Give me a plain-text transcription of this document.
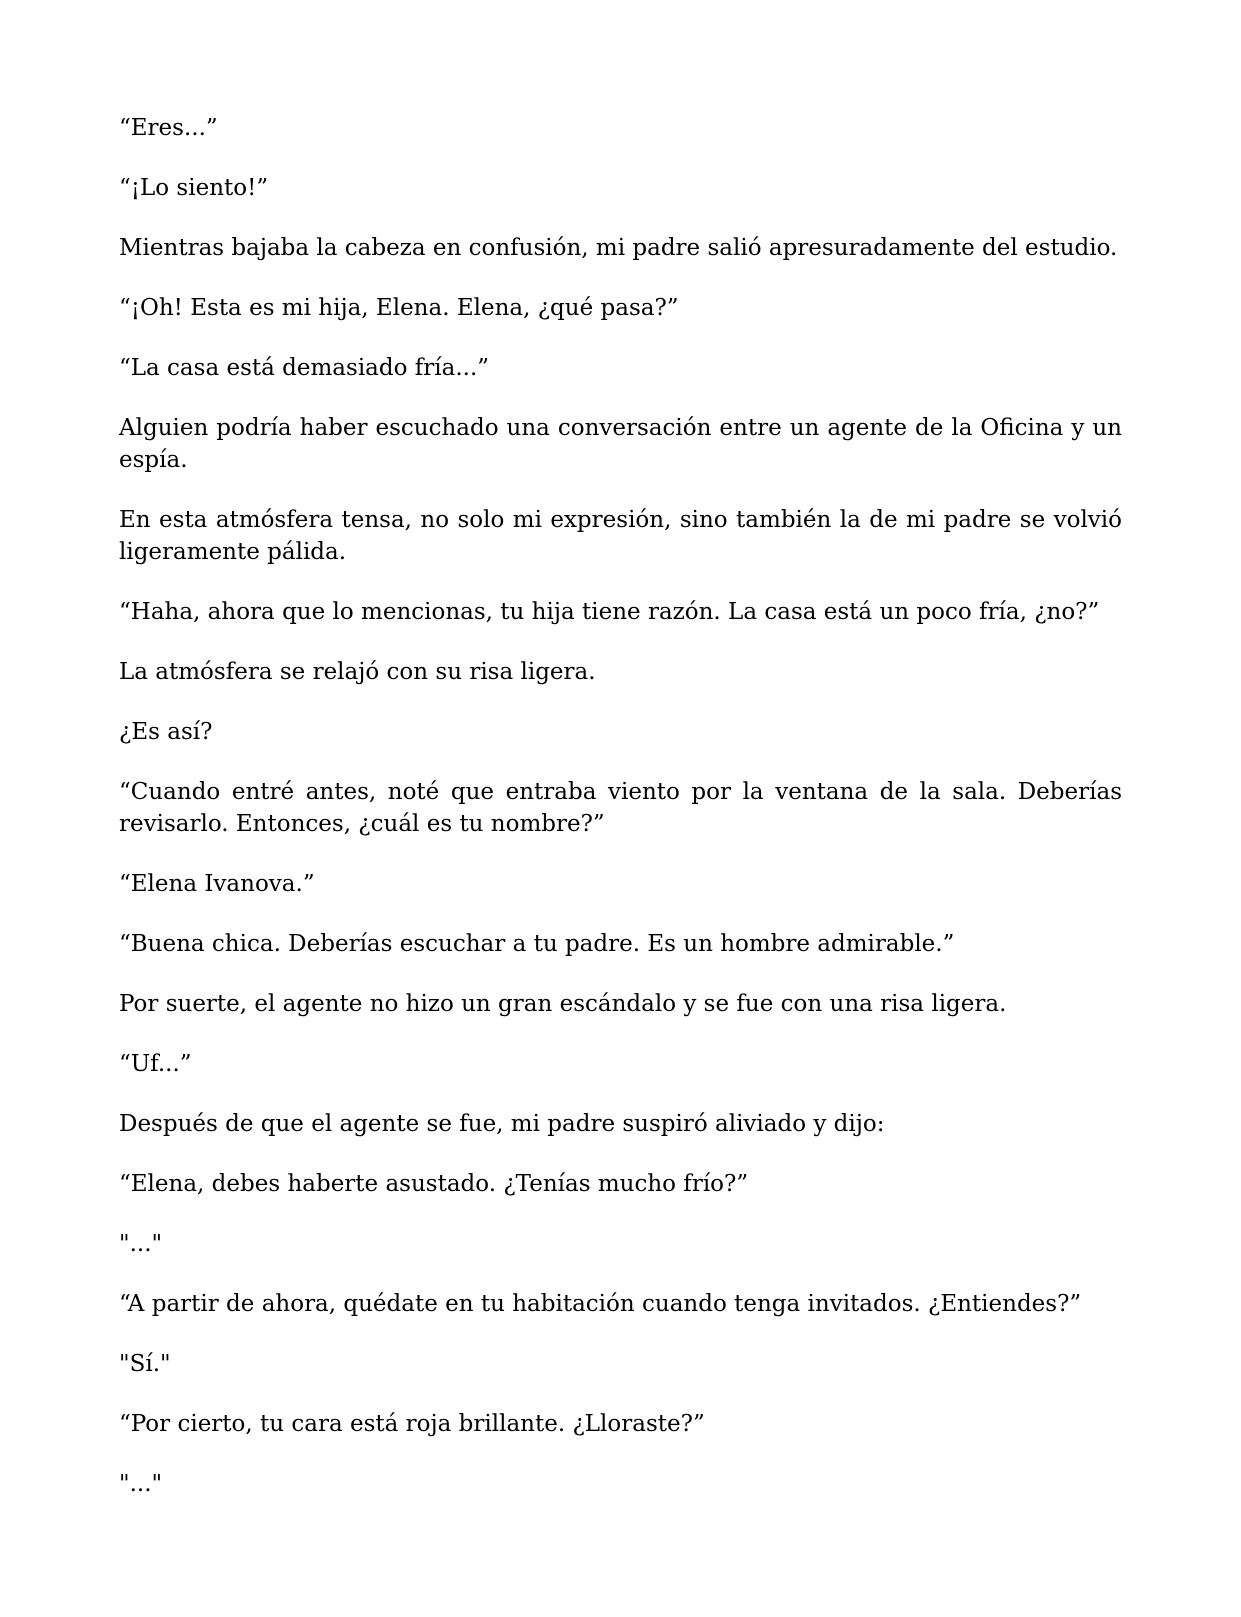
“Eres...”

“¡Lo siento!”

Mientras bajaba la cabeza en confusión, mi padre salió apresuradamente del estudio.

“¡Oh! Esta es mi hija, Elena. Elena, ¿qué pasa?”

“La casa está demasiado fría...”

Alguien podría haber escuchado una conversación entre un agente de la Oficina y un espía.

En esta atmósfera tensa, no solo mi expresión, sino también la de mi padre se volvió ligeramente pálida.

“Haha, ahora que lo mencionas, tu hija tiene razón. La casa está un poco fría, ¿no?”

La atmósfera se relajó con su risa ligera.

¿Es así?

“Cuando entré antes, noté que entraba viento por la ventana de la sala. Deberías revisarlo. Entonces, ¿cuál es tu nombre?”

“Elena Ivanova.”

“Buena chica. Deberías escuchar a tu padre. Es un hombre admirable.”

Por suerte, el agente no hizo un gran escándalo y se fue con una risa ligera.

“Uf...”

Después de que el agente se fue, mi padre suspiró aliviado y dijo:

“Elena, debes haberte asustado. ¿Tenías mucho frío?”

"..."

“A partir de ahora, quédate en tu habitación cuando tenga invitados. ¿Entiendes?”

"Sí."

“Por cierto, tu cara está roja brillante. ¿Lloraste?”

"..."
